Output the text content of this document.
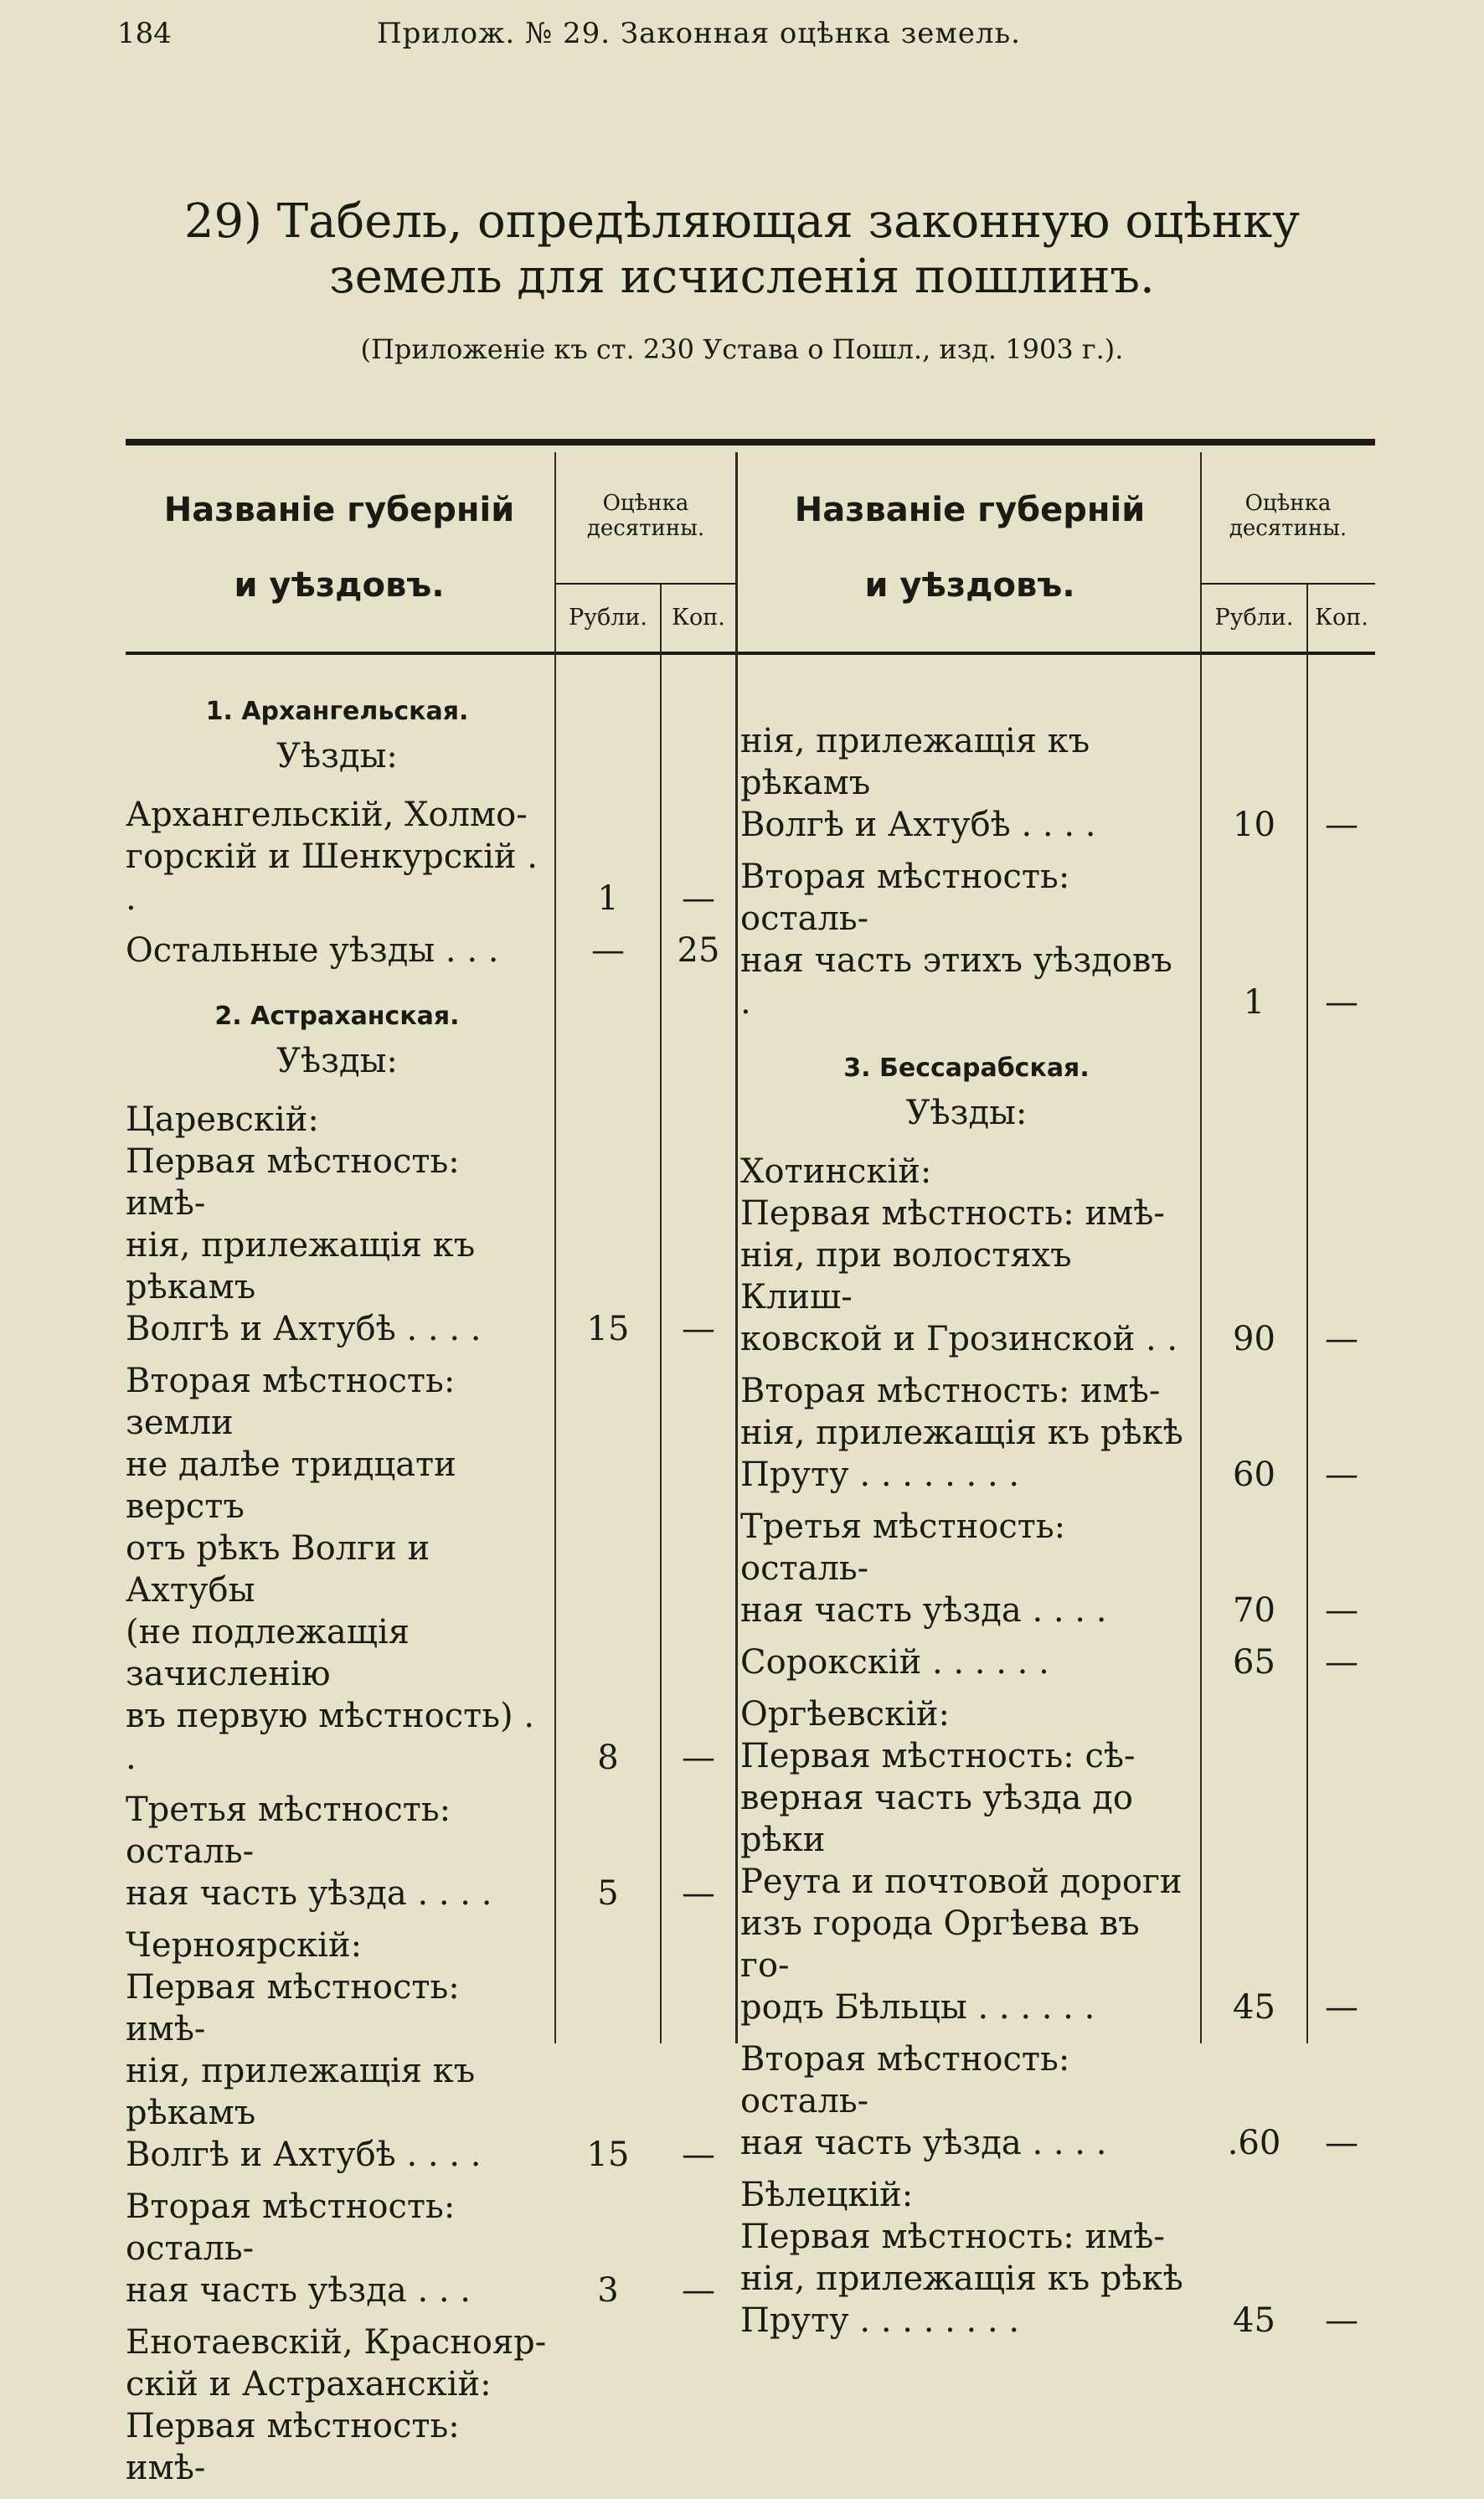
184	Прилож. № 29. Законная оцѣнка земель.
29) Табель, опредѣляющая законную оцѣнку земель для исчисленія пошлинъ.
(Приложеніе къ ст. 230 Устава о Пошл., изд. 1903 г.).
Названіе губерній
и уѣздовъ.
Оцѣнка десятины.
Рубли.	Коп.
Названіе губерній
и уѣздовъ.
Оцѣнка десятины.
Рубли. Коп.
1. Архангельская.
Уѣзды:
Архангельскій, Холмо-
горскій и Шенкурскій . .	1	—
Остальные уѣзды . . .	—	25
2. Астраханская.
Уѣзды:
Царевскій:
Первая мѣстность: имѣ-
нія, прилежащія къ рѣкамъ
Волгѣ и Ахтубѣ . . . .	15	—
Вторая мѣстность: земли
не далѣе тридцати верстъ
отъ рѣкъ Волги и Ахтубы
(не подлежащія зачисленію
въ первую мѣстность) . .	8	—
Третья мѣстность: осталь-
ная часть уѣзда . . . .	5	—
Черноярскій:
Первая мѣстность: имѣ-
нія, прилежащія къ рѣкамъ
Волгѣ и Ахтубѣ . . . .	15	—
Вторая мѣстность: осталь-
ная часть уѣзда . . .	3	—
Енотаевскій, Краснояр-
скій и Астраханскій:
Первая мѣстность: имѣ-
нія, прилежащія къ рѣкамъ
Волгѣ и Ахтубѣ . . . .	10	—
Вторая мѣстность: осталь-
ная часть этихъ уѣздовъ .	1	—
3. Бессарабская.
Уѣзды:
Хотинскій:
Первая мѣстность: имѣ-
нія, при волостяхъ Клиш-
ковской и Грозинской . .	90	—
Вторая мѣстность: имѣ-
нія, прилежащія къ рѣкѣ
Пруту . . . . . . . .	60	—
Третья мѣстность: осталь-
ная часть уѣзда . . . .	70	—
Сорокскій . . . . . .	65	—
Оргѣевскій:
Первая мѣстность: сѣ-
верная часть уѣзда до рѣки
Реута и почтовой дороги
изъ города Оргѣева въ го-
родъ Бѣльцы . . . . . .	45	—
Вторая мѣстность: осталь-
ная часть уѣзда . . . .	.60	—
Бѣлецкій:
Первая мѣстность: имѣ-
нія, прилежащія къ рѣкѣ
Пруту . . . . . . . .	45	—
